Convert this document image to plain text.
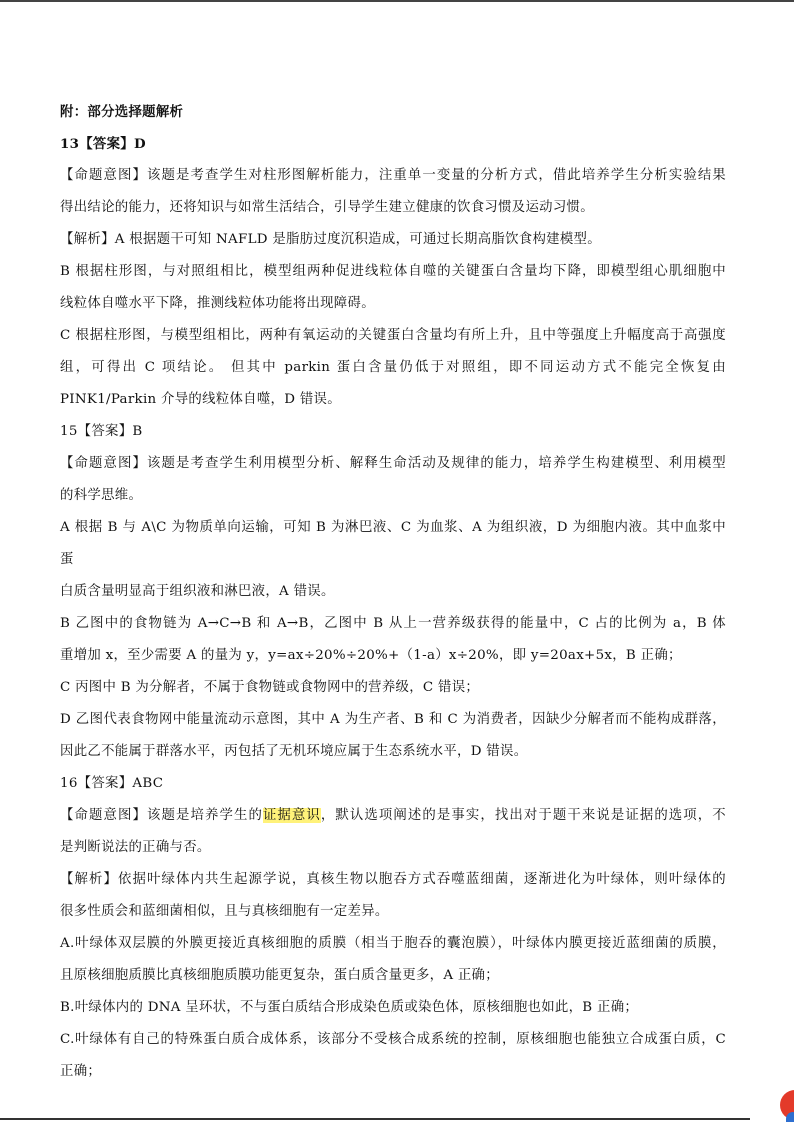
附：部分选择题解析

13【答案】D

【命题意图】该题是考查学生对柱形图解析能力，注重单一变量的分析方式，借此培养学生分析实验结果
得出结论的能力，还将知识与如常生活结合，引导学生建立健康的饮食习惯及运动习惯。

【解析】A 根据题干可知 NAFLD 是脂肪过度沉积造成，可通过长期高脂饮食构建模型。

B 根据柱形图，与对照组相比，模型组两种促进线粒体自噬的关键蛋白含量均下降，即模型组心肌细胞中
线粒体自噬水平下降，推测线粒体功能将出现障碍。

C 根据柱形图，与模型组相比，两种有氧运动的关键蛋白含量均有所上升，且中等强度上升幅度高于高强度
组，可得出 C 项结论。 但其中 parkin 蛋白含量仍低于对照组，即不同运动方式不能完全恢复由
PINK1/Parkin 介导的线粒体自噬，D 错误。

15【答案】B

【命题意图】该题是考查学生利用模型分析、解释生命活动及规律的能力，培养学生构建模型、利用模型
的科学思维。

A 根据 B 与 A\C 为物质单向运输，可知 B 为淋巴液、C 为血浆、A 为组织液，D 为细胞内液。其中血浆中蛋
白质含量明显高于组织液和淋巴液，A 错误。

B 乙图中的食物链为 A→C→B 和 A→B，乙图中 B 从上一营养级获得的能量中，C 占的比例为 a，B 体
重增加 x，至少需要 A 的量为 y，y=ax÷20%÷20%+（1-a）x÷20%，即 y=20ax+5x，B 正确；

C 丙图中 B 为分解者，不属于食物链或食物网中的营养级，C 错误；

D 乙图代表食物网中能量流动示意图，其中 A 为生产者、B 和 C 为消费者，因缺少分解者而不能构成群落，
因此乙不能属于群落水平，丙包括了无机环境应属于生态系统水平，D 错误。

16【答案】ABC

【命题意图】该题是培养学生的证据意识，默认选项阐述的是事实，找出对于题干来说是证据的选项，不
是判断说法的正确与否。

【解析】依据叶绿体内共生起源学说，真核生物以胞吞方式吞噬蓝细菌，逐渐进化为叶绿体，则叶绿体的
很多性质会和蓝细菌相似，且与真核细胞有一定差异。

A.叶绿体双层膜的外膜更接近真核细胞的质膜（相当于胞吞的囊泡膜），叶绿体内膜更接近蓝细菌的质膜，
且原核细胞质膜比真核细胞质膜功能更复杂，蛋白质含量更多，A 正确；

B.叶绿体内的 DNA 呈环状，不与蛋白质结合形成染色质或染色体，原核细胞也如此，B 正确；

C.叶绿体有自己的特殊蛋白质合成体系，该部分不受核合成系统的控制，原核细胞也能独立合成蛋白质，C
正确；
